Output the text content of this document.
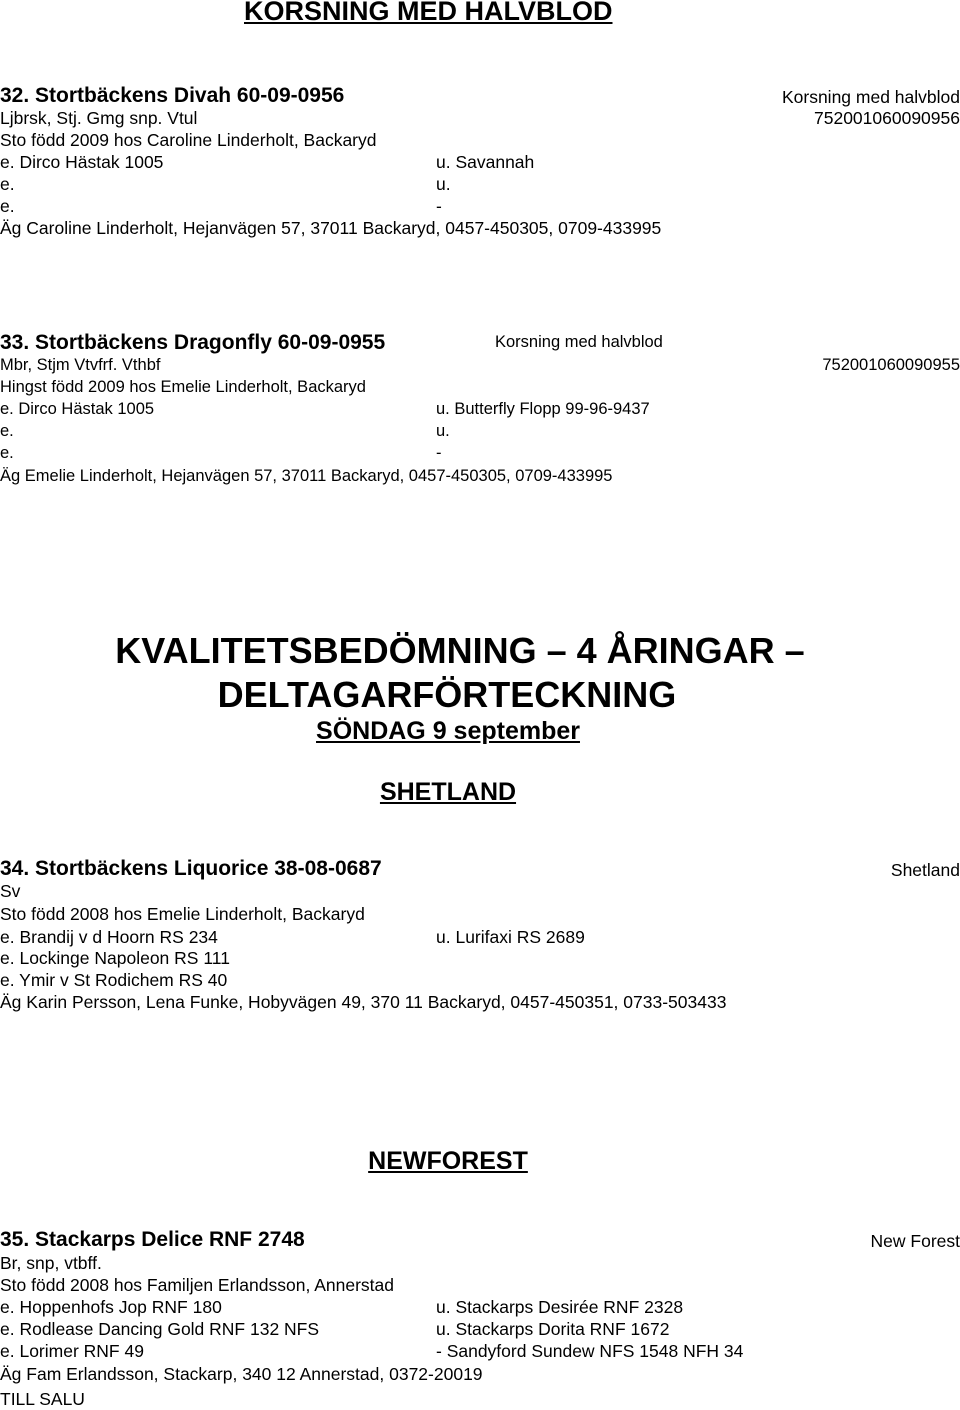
KORSNING MED HALVBLOD
32. Stortbäckens Divah 60-09-0956	Korsning med halvblod
Ljbrsk, Stj. Gmg snp. Vtul	752001060090956
Sto född 2009 hos Caroline Linderholt, Backaryd
e. Dirco Hästak 1005	u. Savannah
e.	u.
e.	-
Äg Caroline Linderholt, Hejanvägen 57, 37011 Backaryd, 0457-450305, 0709-433995
33. Stortbäckens Dragonfly 60-09-0955	Korsning med halvblod
Mbr, Stjm Vtvfrf. Vthbf	752001060090955
Hingst född 2009 hos Emelie Linderholt, Backaryd
e. Dirco Hästak 1005	u. Butterfly Flopp 99-96-9437
e.	u.
e.	-
Äg Emelie Linderholt, Hejanvägen 57, 37011 Backaryd, 0457-450305, 0709-433995
KVALITETSBEDÖMNING – 4 ÅRINGAR –
DELTAGARFÖRTECKNING
SÖNDAG 9 september
SHETLAND
34. Stortbäckens Liquorice 38-08-0687	Shetland
Sv
Sto född 2008 hos Emelie Linderholt, Backaryd
e. Brandij v d Hoorn RS 234	u. Lurifaxi RS 2689
e. Lockinge Napoleon RS 111
e. Ymir v St Rodichem RS 40
Äg Karin Persson, Lena Funke, Hobyvägen 49, 370 11 Backaryd, 0457-450351, 0733-503433
NEWFOREST
35. Stackarps Delice RNF 2748	New Forest
Br, snp, vtbff.
Sto född 2008 hos Familjen Erlandsson, Annerstad
e. Hoppenhofs Jop RNF 180	u. Stackarps Desirée RNF 2328
e. Rodlease Dancing Gold RNF 132 NFS	u. Stackarps Dorita RNF 1672
e. Lorimer RNF 49	- Sandyford Sundew NFS 1548 NFH 34
Äg Fam Erlandsson, Stackarp, 340 12 Annerstad, 0372-20019
TILL SALU
